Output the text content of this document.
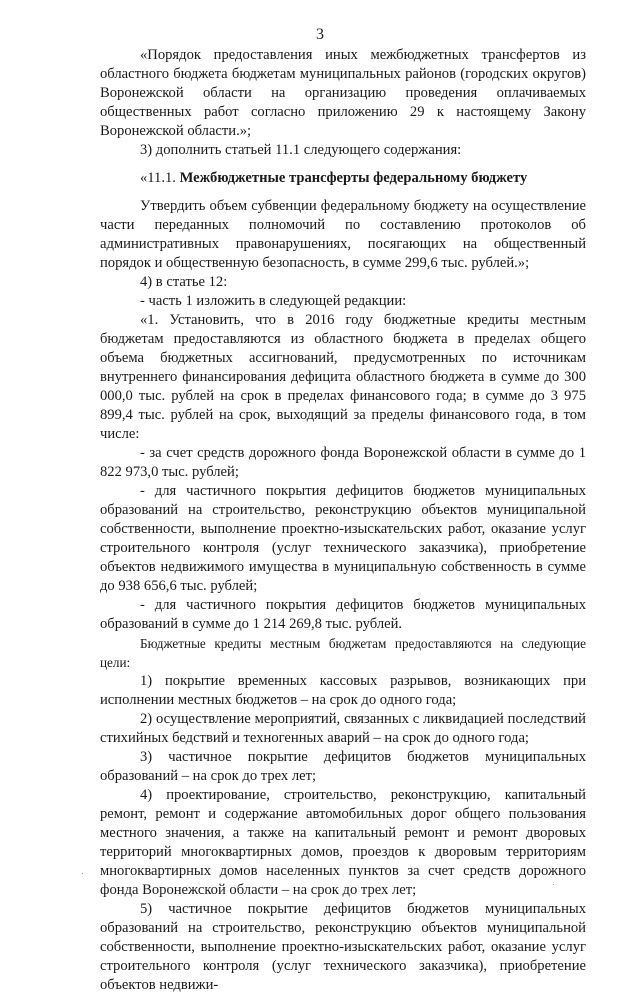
3

«Порядок предоставления иных межбюджетных трансфертов из областного бюджета бюджетам муниципальных районов (городских округов) Воронежской области на организацию проведения оплачиваемых общественных работ согласно приложению 29 к настоящему Закону Воронежской области.»;

3) дополнить статьей 11.1 следующего содержания:

«11.1. Межбюджетные трансферты федеральному бюджету

Утвердить объем субвенции федеральному бюджету на осуществление части переданных полномочий по составлению протоколов об административных правонарушениях, посягающих на общественный порядок и общественную безопасность, в сумме 299,6 тыс. рублей.»;

4) в статье 12:

- часть 1 изложить в следующей редакции:

«1. Установить, что в 2016 году бюджетные кредиты местным бюджетам предоставляются из областного бюджета в пределах общего объема бюджетных ассигнований, предусмотренных по источникам внутреннего финансирования дефицита областного бюджета в сумме до 300 000,0 тыс. рублей на срок в пределах финансового года; в сумме до 3 975 899,4 тыс. рублей на срок, выходящий за пределы финансового года, в том числе:

- за счет средств дорожного фонда Воронежской области в сумме до 1 822 973,0 тыс. рублей;

- для частичного покрытия дефицитов бюджетов муниципальных образований на строительство, реконструкцию объектов муниципальной собственности, выполнение проектно-изыскательских работ, оказание услуг строительного контроля (услуг технического заказчика), приобретение объектов недвижимого имущества в муниципальную собственность в сумме до 938 656,6 тыс. рублей;

- для частичного покрытия дефицитов бюджетов муниципальных образований в сумме до 1 214 269,8 тыс. рублей.

Бюджетные кредиты местным бюджетам предоставляются на следующие цели:

1) покрытие временных кассовых разрывов, возникающих при исполнении местных бюджетов – на срок до одного года;

2) осуществление мероприятий, связанных с ликвидацией последствий стихийных бедствий и техногенных аварий – на срок до одного года;

3) частичное покрытие дефицитов бюджетов муниципальных образований – на срок до трех лет;

4) проектирование, строительство, реконструкцию, капитальный ремонт, ремонт и содержание автомобильных дорог общего пользования местного значения, а также на капитальный ремонт и ремонт дворовых территорий многоквартирных домов, проездов к дворовым территориям многоквартирных домов населенных пунктов за счет средств дорожного фонда Воронежской области – на срок до трех лет;

5) частичное покрытие дефицитов бюджетов муниципальных образований на строительство, реконструкцию объектов муниципальной собственности, выполнение проектно-изыскательских работ, оказание услуг строительного контроля (услуг технического заказчика), приобретение объектов недвижи-
